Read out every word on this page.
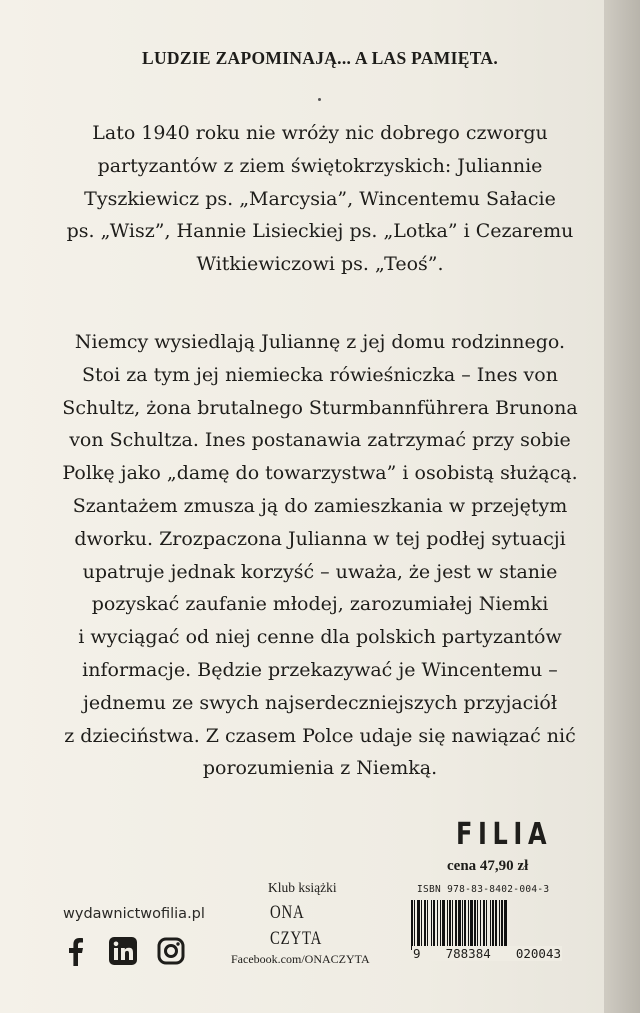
LUDZIE ZAPOMINAJĄ... A LAS PAMIĘTA.

Lato 1940 roku nie wróży nic dobrego czworgu
partyzantów z ziem świętokrzyskich: Juliannie
Tyszkiewicz ps. „Marcysia”, Wincentemu Sałacie
ps. „Wisz”, Hannie Lisieckiej ps. „Lotka” i Cezaremu
Witkiewiczowi ps. „Teoś”.

Niemcy wysiedlają Juliannę z jej domu rodzinnego.
Stoi za tym jej niemiecka rówieśniczka – Ines von
Schultz, żona brutalnego Sturmbannführera Brunona
von Schultza. Ines postanawia zatrzymać przy sobie
Polkę jako „damę do towarzystwa” i osobistą służącą.
Szantażem zmusza ją do zamieszkania w przejętym
dworku. Zrozpaczona Julianna w tej podłej sytuacji
upatruje jednak korzyść – uważa, że jest w stanie
pozyskać zaufanie młodej, zarozumiałej Niemki
i wyciągać od niej cenne dla polskich partyzantów
informacje. Będzie przekazywać je Wincentemu –
jednemu ze swych najserdeczniejszych przyjaciół
z dzieciństwa. Z czasem Polce udaje się nawiązać nić
porozumienia z Niemką.

FILIA
cena 47,90 zł
ISBN 978-83-8402-004-3
9 788384 020043
Klub książki
ONA
CZYTA
Facebook.com/ONACZYTA
wydawnictwofilia.pl
